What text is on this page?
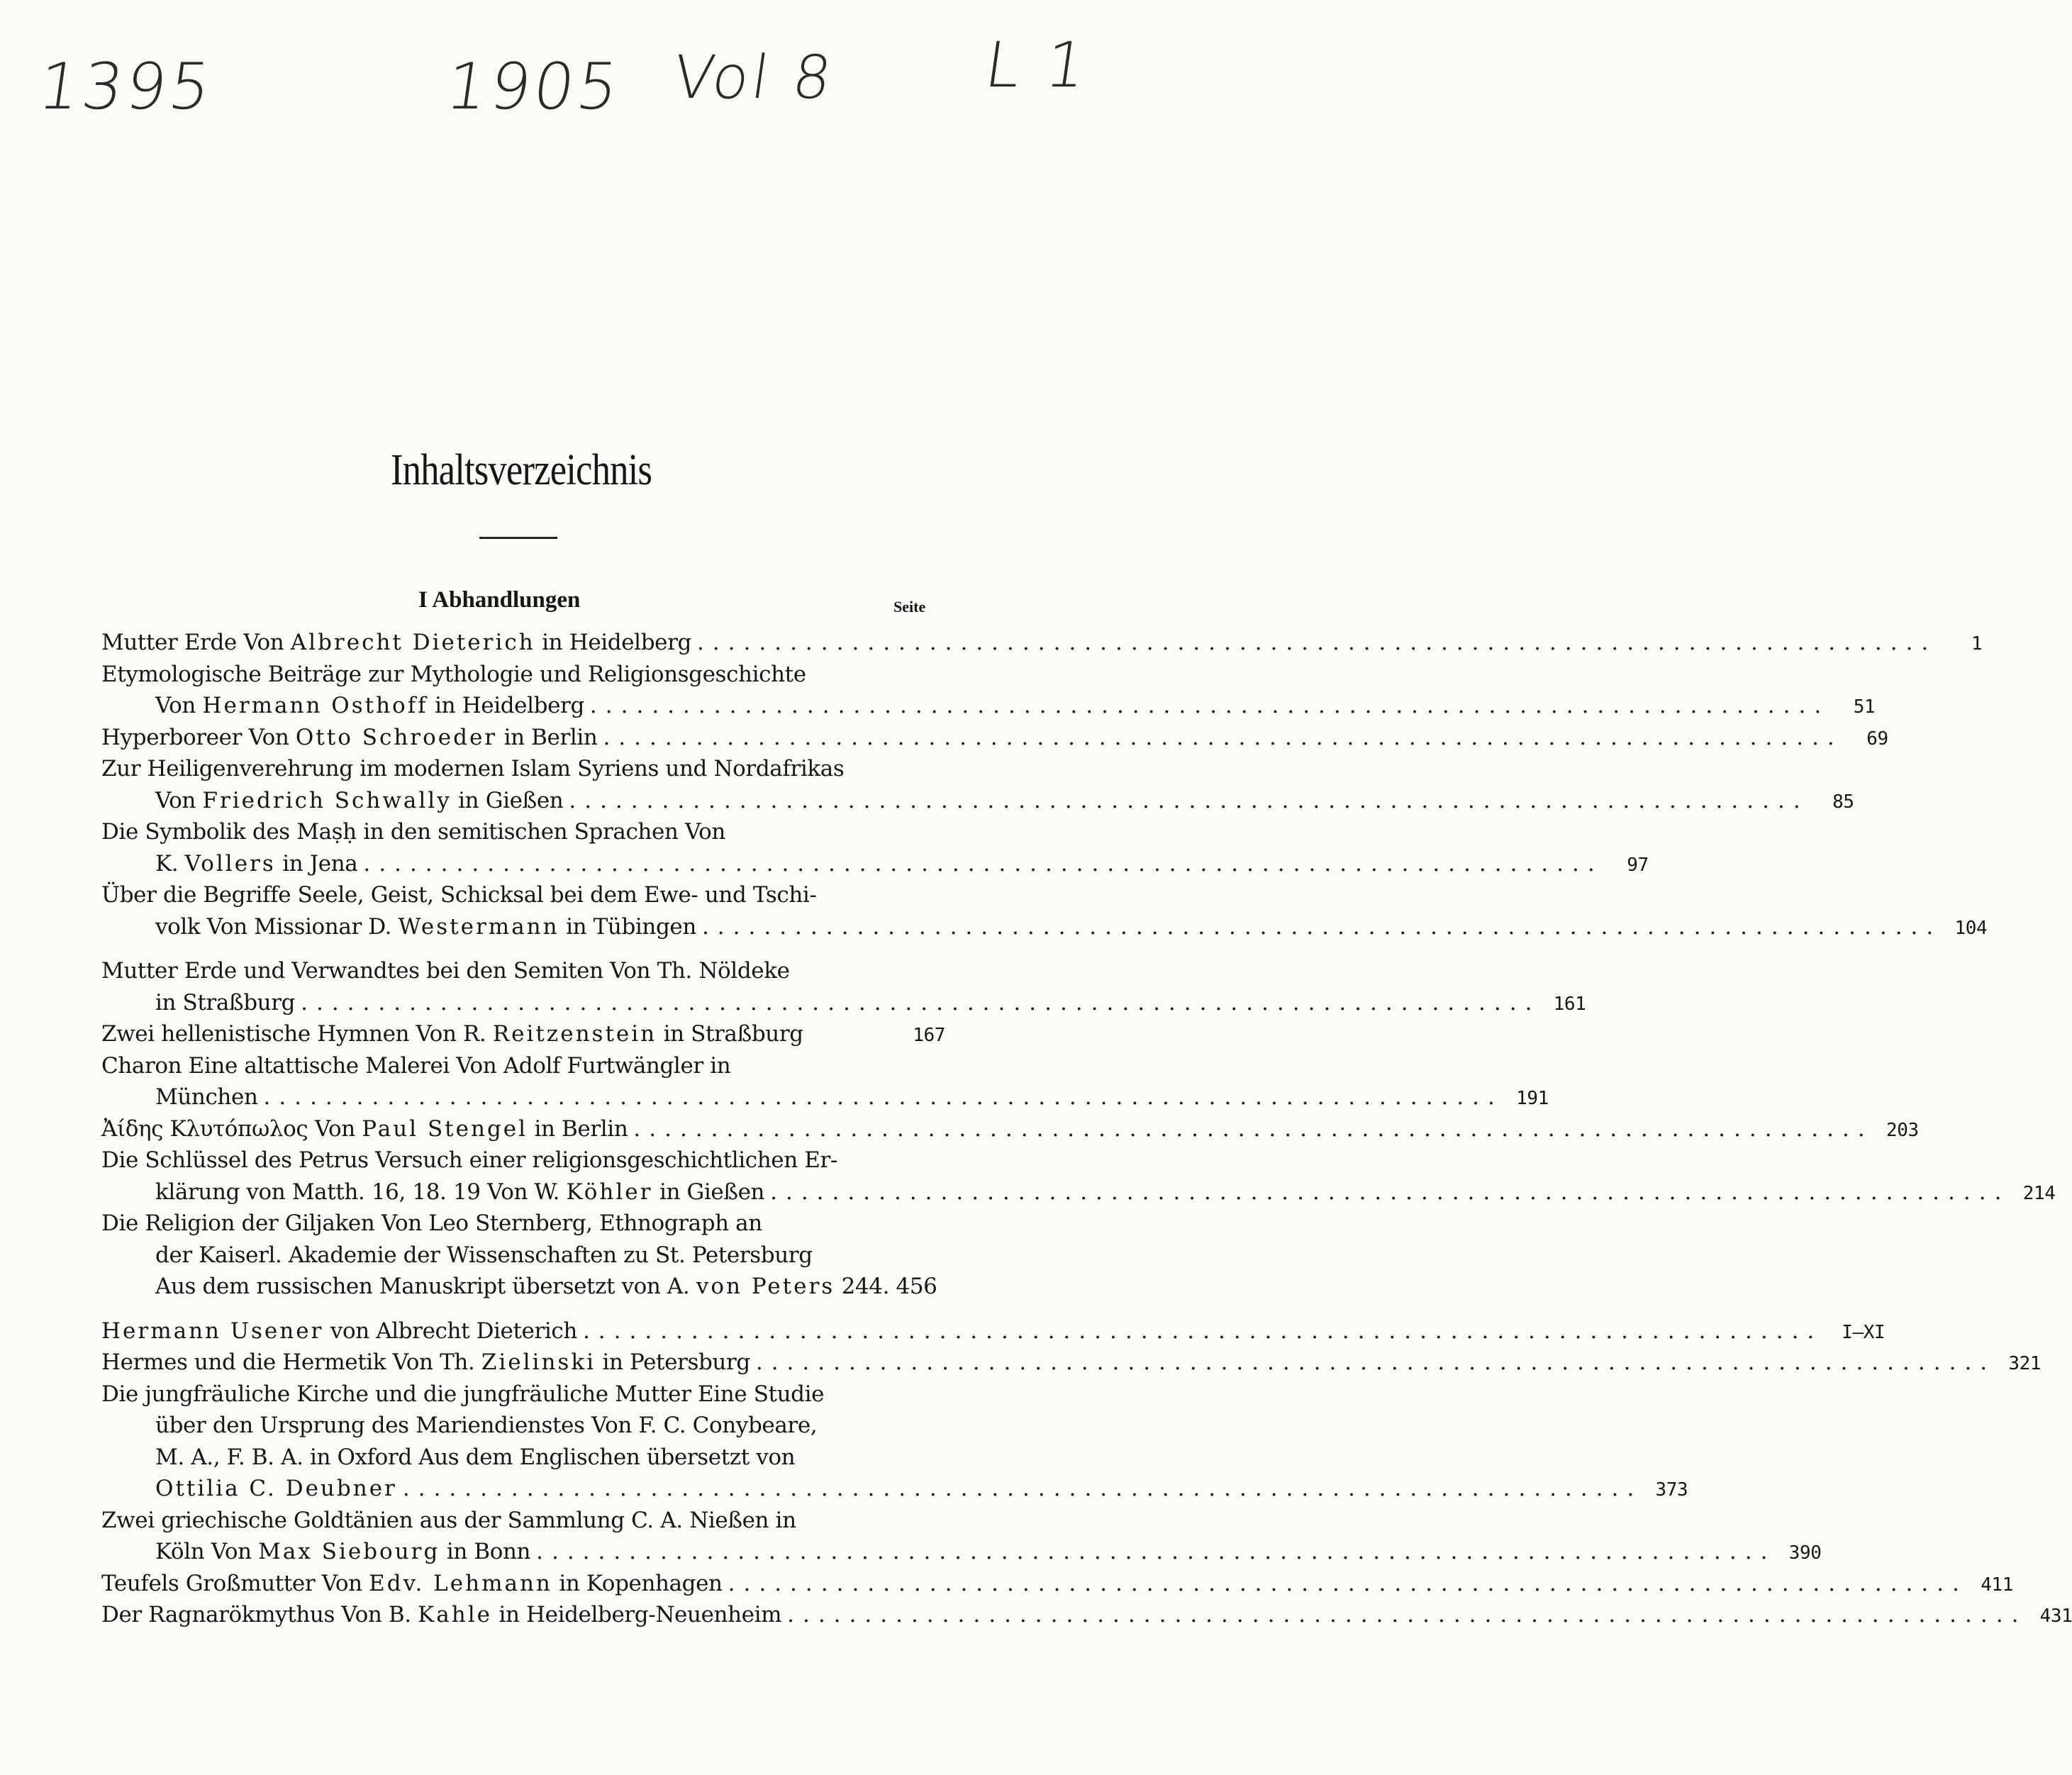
1395	1905 Vol 8 L 1
Inhaltsverzeichnis
I Abhandlungen	Seite
Mutter Erde Von Albrecht Dieterich in Heidelberg ................................................................................	1
Etymologische Beiträge zur Mythologie und Religionsgeschichte
Von Hermann Osthoff in Heidelberg ................................................................................	51
Hyperboreer Von Otto Schroeder in Berlin ................................................................................	69
Zur Heiligenverehrung im modernen Islam Syriens und Nordafrikas
Von Friedrich Schwally in Gießen ................................................................................	85
Die Symbolik des Maṣḥ in den semitischen Sprachen Von
K. Vollers in Jena ................................................................................	97
Über die Begriffe Seele, Geist, Schicksal bei dem Ewe- und Tschi-
volk Von Missionar D. Westermann in Tübingen ................................................................................ 104
Mutter Erde und Verwandtes bei den Semiten Von Th. Nöldeke
in Straßburg ................................................................................ 161
Zwei hellenistische Hymnen Von R. Reitzenstein in Straßburg	167
Charon Eine altattische Malerei Von Adolf Furtwängler in
München ................................................................................ 191
Ἀίδης Κλυτόπωλος Von Paul Stengel in Berlin ................................................................................ 203
Die Schlüssel des Petrus Versuch einer religionsgeschichtlichen Er-
klärung von Matth. 16, 18. 19 Von W. Köhler in Gießen ................................................................................ 214
Die Religion der Giljaken Von Leo Sternberg, Ethnograph an
der Kaiserl. Akademie der Wissenschaften zu St. Petersburg
Aus dem russischen Manuskript übersetzt von A. von Peters 244. 456
Hermann Usener von Albrecht Dieterich ................................................................................	I—XI
Hermes und die Hermetik Von Th. Zielinski in Petersburg ................................................................................ 321
Die jungfräuliche Kirche und die jungfräuliche Mutter Eine Studie
über den Ursprung des Mariendienstes Von F. C. Conybeare,
M. A., F. B. A. in Oxford Aus dem Englischen übersetzt von
Ottilia C. Deubner ................................................................................ 373
Zwei griechische Goldtänien aus der Sammlung C. A. Nießen in
Köln Von Max Siebourg in Bonn ................................................................................ 390
Teufels Großmutter Von Edv. Lehmann in Kopenhagen ................................................................................ 411
Der Ragnarökmythus Von B. Kahle in Heidelberg-Neuenheim ................................................................................ 431
